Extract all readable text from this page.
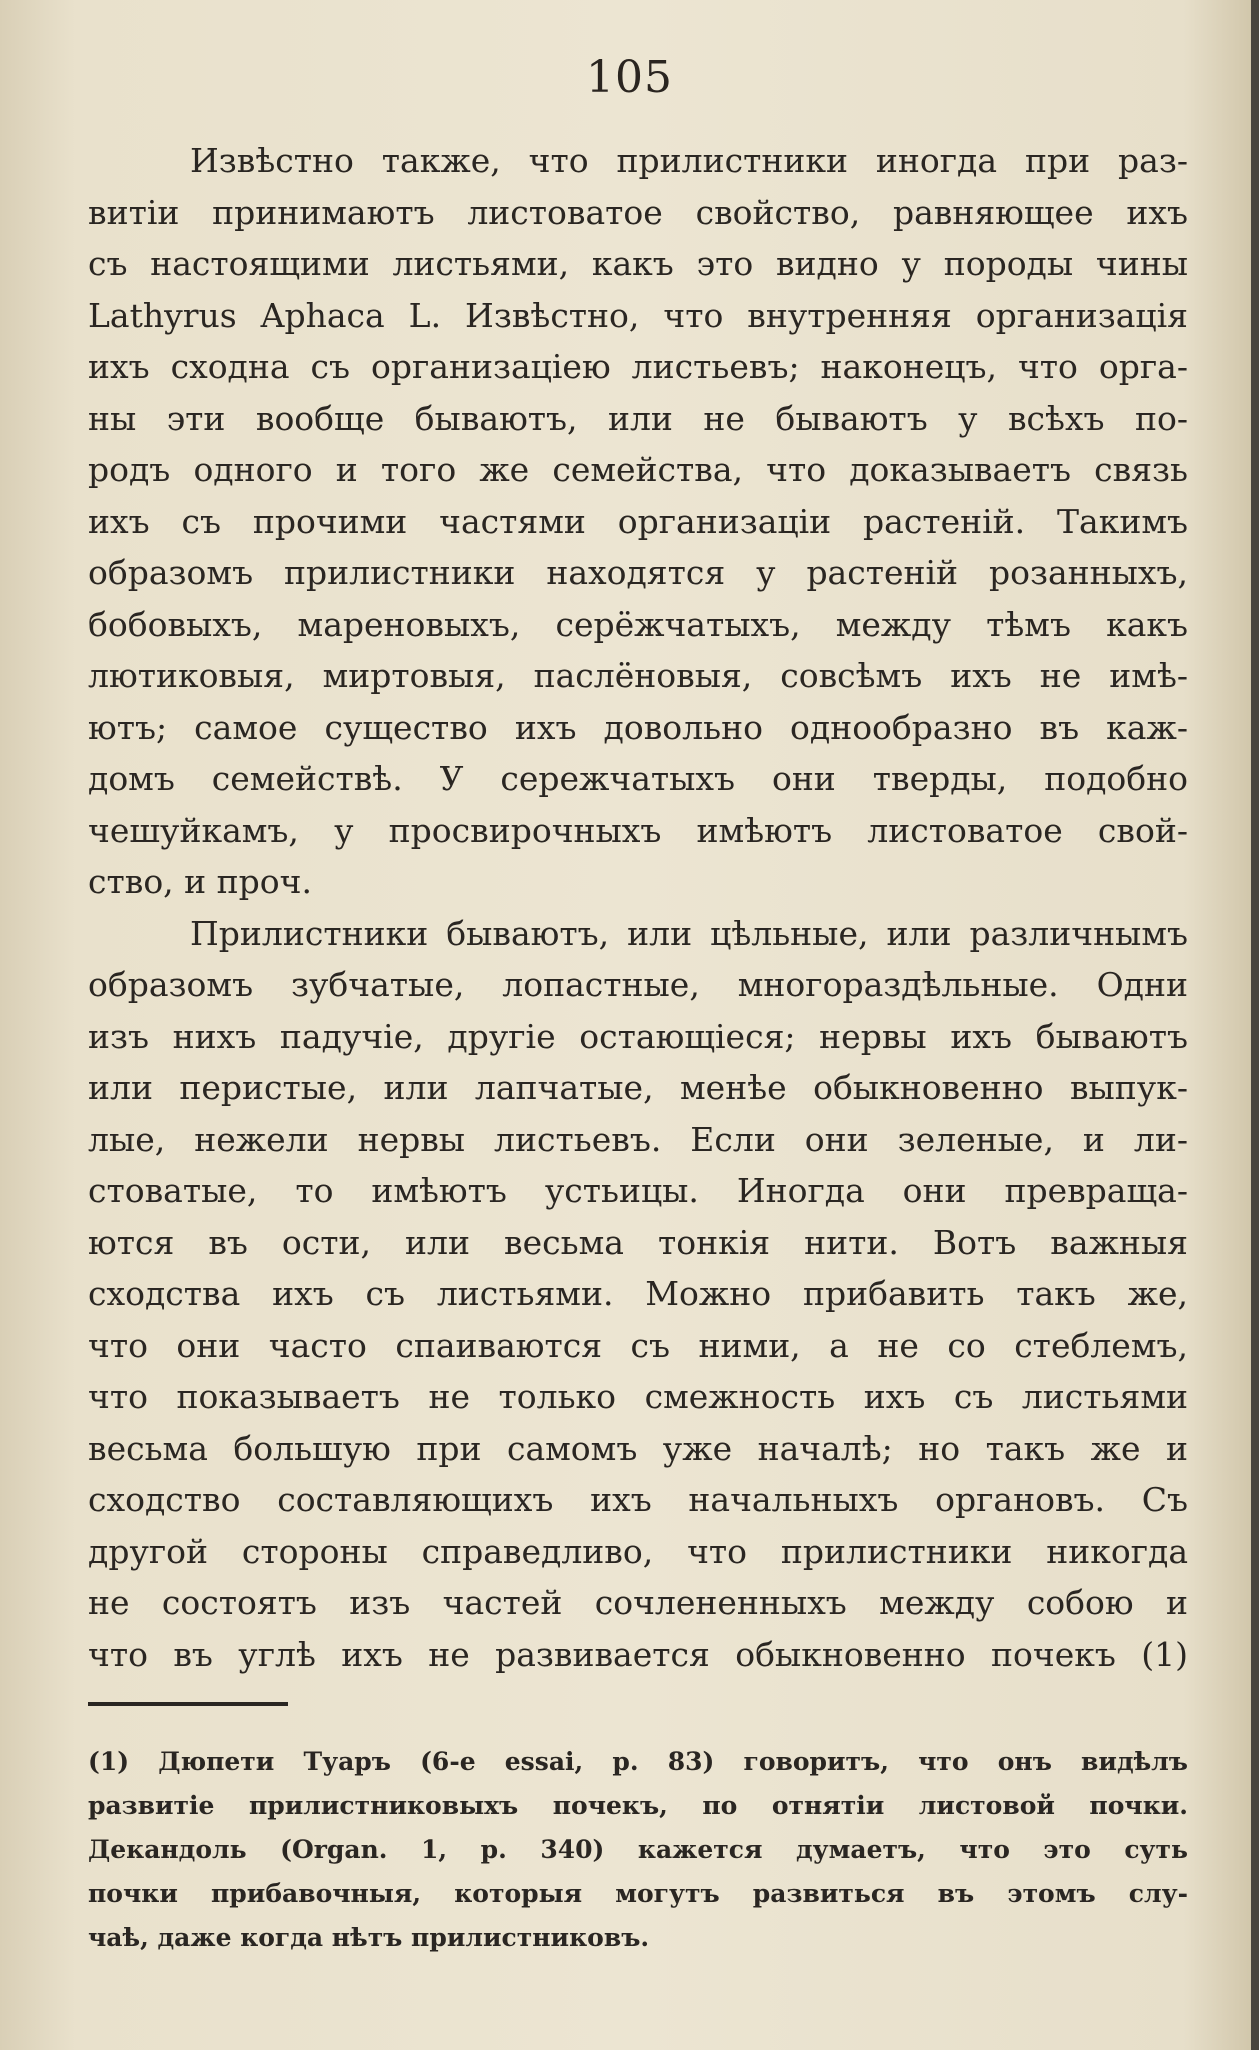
105
Извѣстно также, что прилистники иногда при раз-
витіи принимаютъ листоватое свойство, равняющее ихъ
съ настоящими листьями, какъ это видно у породы чины
Lathyrus Aphaca L. Извѣстно, что внутренняя организація
ихъ сходна съ организаціею листьевъ; наконецъ, что орга-
ны эти вообще бываютъ, или не бываютъ у всѣхъ по-
родъ одного и того же семейства, что доказываетъ связь
ихъ съ прочими частями организаціи растеній. Такимъ
образомъ прилистники находятся у растеній розанныхъ,
бобовыхъ, мареновыхъ, серёжчатыхъ, между тѣмъ какъ
лютиковыя, миртовыя, паслёновыя, совсѣмъ ихъ не имѣ-
ютъ; самое существо ихъ довольно однообразно въ каж-
домъ семействѣ. У сережчатыхъ они тверды, подобно
чешуйкамъ, у просвирочныхъ имѣютъ листоватое свой-
ство, и проч.
Прилистники бываютъ, или цѣльные, или различнымъ
образомъ зубчатые, лопастные, многораздѣльные. Одни
изъ нихъ падучіе, другіе остающіеся; нервы ихъ бываютъ
или перистые, или лапчатые, менѣе обыкновенно выпук-
лые, нежели нервы листьевъ. Если они зеленые, и ли-
стоватые, то имѣютъ устьицы. Иногда они превраща-
ются въ ости, или весьма тонкія нити. Вотъ важныя
сходства ихъ съ листьями. Можно прибавить такъ же,
что они часто спаиваются съ ними, а не со стеблемъ,
что показываетъ не только смежность ихъ съ листьями
весьма большую при самомъ уже началѣ; но такъ же и
сходство составляющихъ ихъ начальныхъ органовъ. Съ
другой стороны справедливо, что прилистники никогда
не состоятъ изъ частей сочлененныхъ между собою и
что въ углѣ ихъ не развивается обыкновенно почекъ (1)
(1) Дюпети Туаръ (6-е essai, p. 83) говоритъ, что онъ видѣлъ
развитіе прилистниковыхъ почекъ, по отнятіи листовой почки.
Декандоль (Organ. 1, p. 340) кажется думаетъ, что это суть
почки прибавочныя, которыя могутъ развиться въ этомъ слу-
чаѣ, даже когда нѣтъ прилистниковъ.
